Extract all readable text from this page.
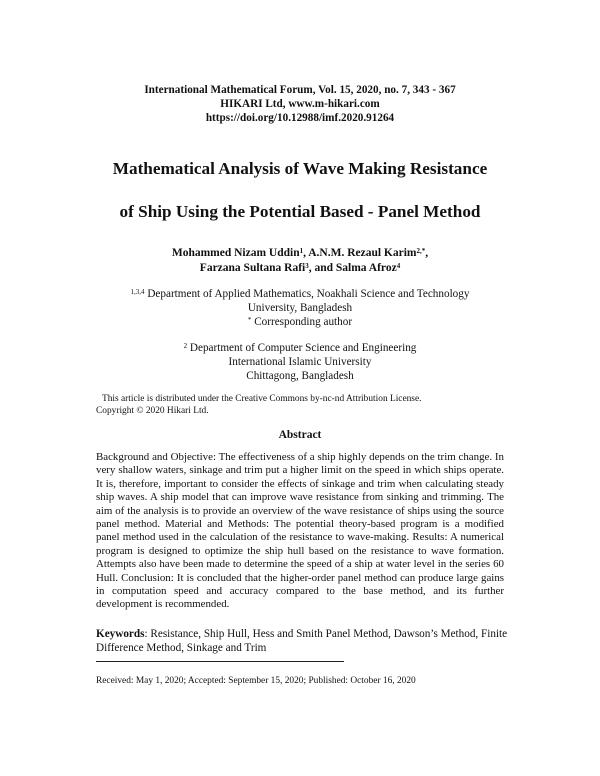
International Mathematical Forum, Vol. 15, 2020, no. 7, 343 - 367
HIKARI Ltd, www.m-hikari.com
https://doi.org/10.12988/imf.2020.91264
Mathematical Analysis of Wave Making Resistance
of Ship Using the Potential Based - Panel Method
Mohammed Nizam Uddin$^1$, A.N.M. Rezaul Karim$^{2,*}$,
Farzana Sultana Rafi$^3$, and Salma Afroz$^4$
$^{1,3,4}$ Department of Applied Mathematics, Noakhali Science and Technology
University, Bangladesh
* Corresponding author
$^2$ Department of Computer Science and Engineering
International Islamic University
Chittagong, Bangladesh
This article is distributed under the Creative Commons by-nc-nd Attribution License.
Copyright © 2020 Hikari Ltd.
Abstract
Background and Objective: The effectiveness of a ship highly depends on the trim change. In very shallow waters, sinkage and trim put a higher limit on the speed in which ships operate. It is, therefore, important to consider the effects of sinkage and trim when calculating steady ship waves. A ship model that can improve wave resistance from sinking and trimming. The aim of the analysis is to provide an overview of the wave resistance of ships using the source panel method. Material and Methods: The potential theory-based program is a modified panel method used in the calculation of the resistance to wave-making. Results: A numerical program is designed to optimize the ship hull based on the resistance to wave formation. Attempts also have been made to determine the speed of a ship at water level in the series 60 Hull. Conclusion: It is concluded that the higher-order panel method can produce large gains in computation speed and accuracy compared to the base method, and its further development is recommended.
Keywords: Resistance, Ship Hull, Hess and Smith Panel Method, Dawson’s Method, Finite Difference Method, Sinkage and Trim
Received: May 1, 2020; Accepted: September 15, 2020; Published: October 16, 2020
